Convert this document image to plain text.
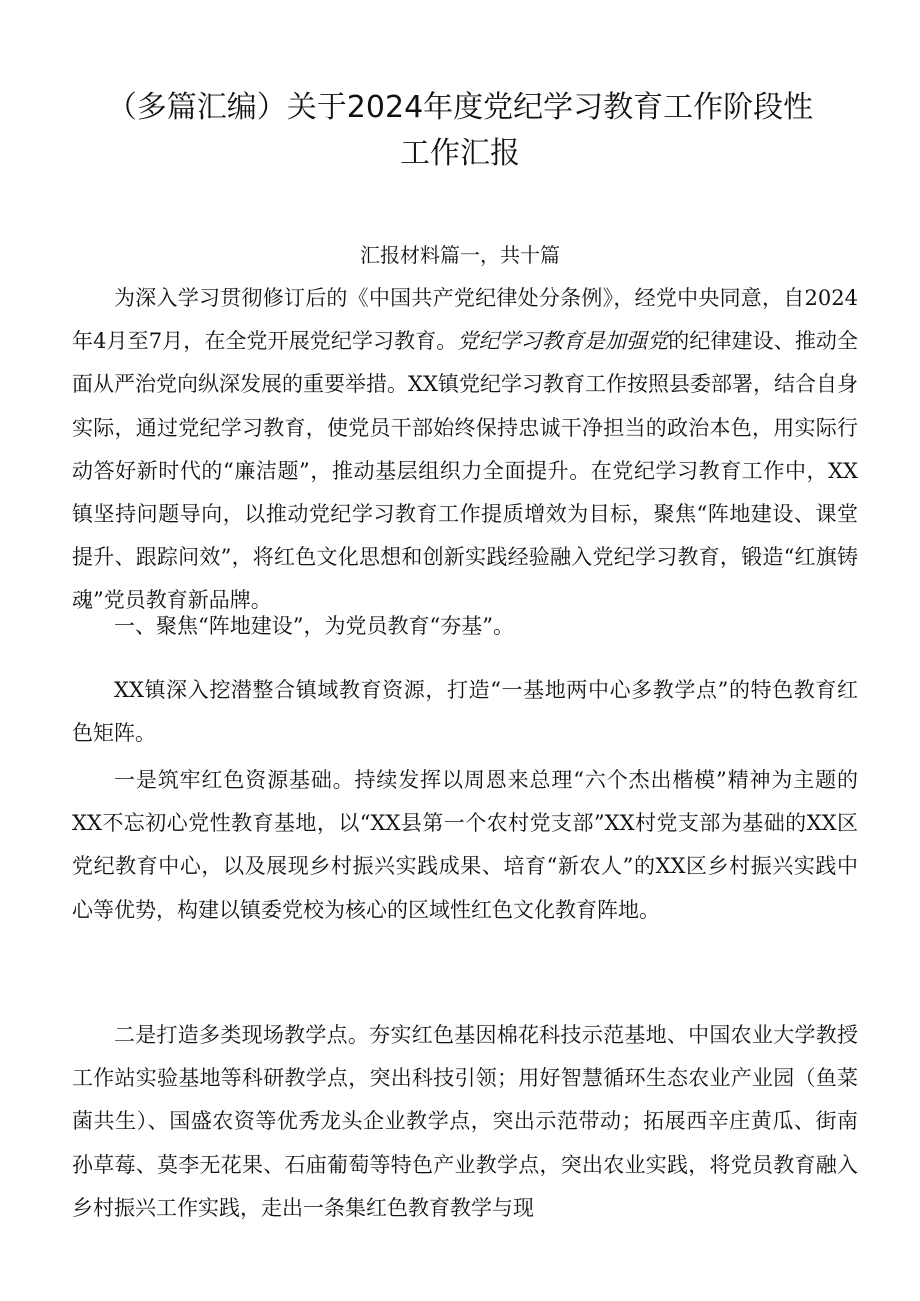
（多篇汇编）关于2024年度党纪学习教育工作阶段性
工作汇报

汇报材料篇一，共十篇

为深入学习贯彻修订后的《中国共产党纪律处分条例》，经党中央同意，自2024年4月至7月，在全党开展党纪学习教育。党纪学习教育是加强党的纪律建设、推动全面从严治党向纵深发展的重要举措。XX镇党纪学习教育工作按照县委部署，结合自身实际，通过党纪学习教育，使党员干部始终保持忠诚干净担当的政治本色，用实际行动答好新时代的“廉洁题”，推动基层组织力全面提升。在党纪学习教育工作中，XX镇坚持问题导向，以推动党纪学习教育工作提质增效为目标，聚焦“阵地建设、课堂提升、跟踪问效”，将红色文化思想和创新实践经验融入党纪学习教育，锻造“红旗铸魂”党员教育新品牌。

一、聚焦“阵地建设”，为党员教育“夯基”。

XX镇深入挖潜整合镇域教育资源，打造“一基地两中心多教学点”的特色教育红色矩阵。

一是筑牢红色资源基础。持续发挥以周恩来总理“六个杰出楷模”精神为主题的XX不忘初心党性教育基地，以“XX县第一个农村党支部”XX村党支部为基础的XX区党纪教育中心，以及展现乡村振兴实践成果、培育“新农人”的XX区乡村振兴实践中心等优势，构建以镇委党校为核心的区域性红色文化教育阵地。

二是打造多类现场教学点。夯实红色基因棉花科技示范基地、中国农业大学教授工作站实验基地等科研教学点，突出科技引领；用好智慧循环生态农业产业园（鱼菜菌共生）、国盛农资等优秀龙头企业教学点，突出示范带动；拓展西辛庄黄瓜、街南孙草莓、莫李无花果、石庙葡萄等特色产业教学点，突出农业实践，将党员教育融入乡村振兴工作实践，走出一条集红色教育教学与现
